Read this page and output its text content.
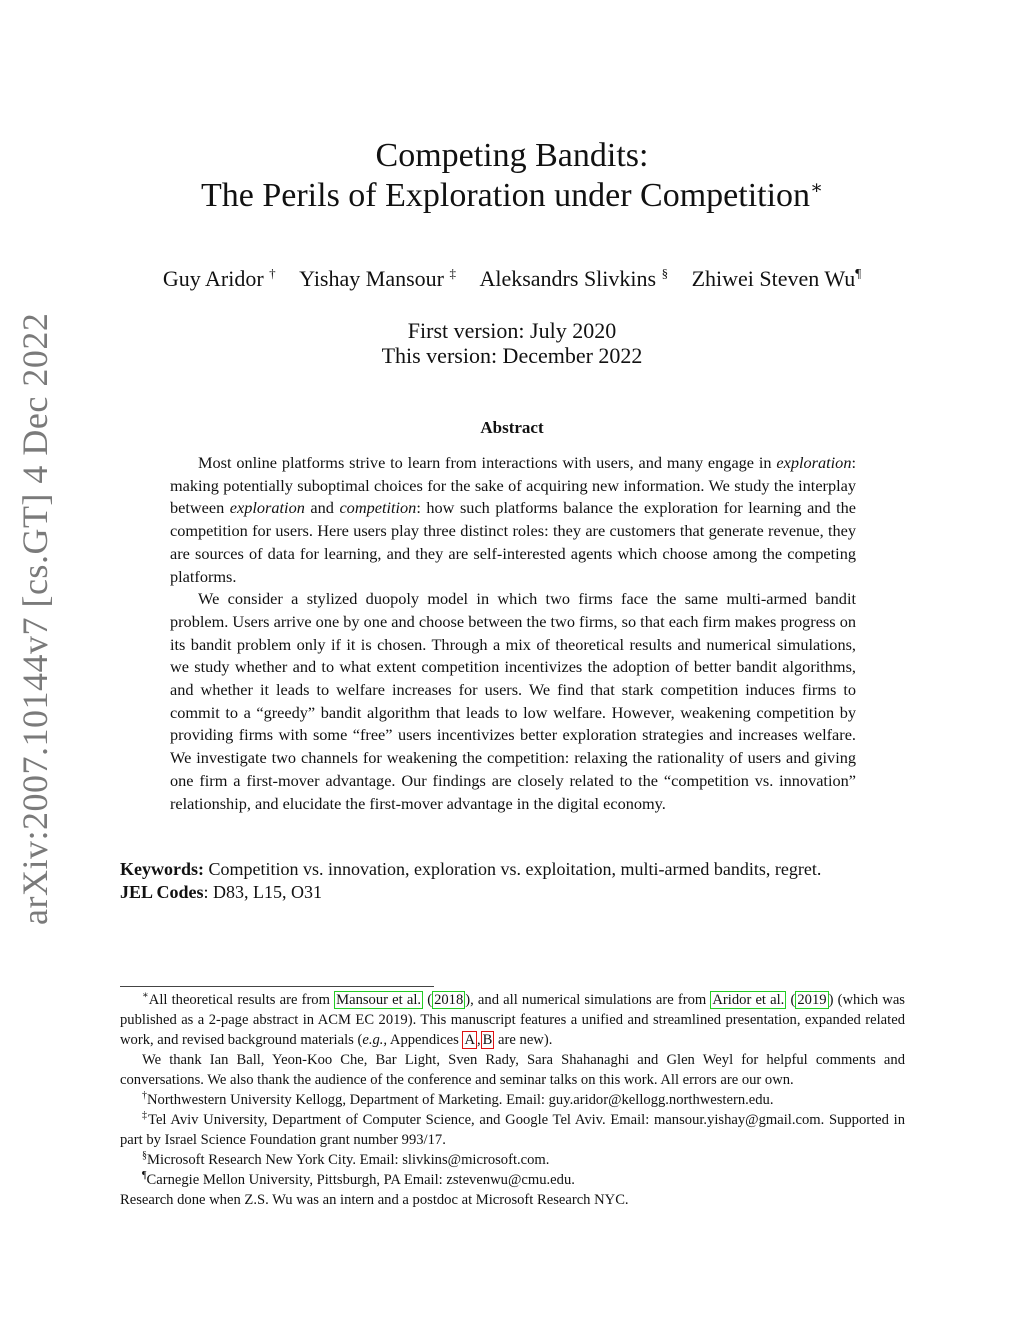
arXiv:2007.10144v7 [cs.GT] 4 Dec 2022
Competing Bandits:
The Perils of Exploration under Competition∗
Guy Aridor † Yishay Mansour ‡ Aleksandrs Slivkins § Zhiwei Steven Wu¶
First version: July 2020
This version: December 2022
Abstract

Most online platforms strive to learn from interactions with users, and many engage in exploration: making potentially suboptimal choices for the sake of acquiring new information. We study the interplay between exploration and competition: how such platforms balance the exploration for learning and the competition for users. Here users play three distinct roles: they are customers that generate revenue, they are sources of data for learning, and they are self-interested agents which choose among the competing platforms.

We consider a stylized duopoly model in which two firms face the same multi-armed bandit problem. Users arrive one by one and choose between the two firms, so that each firm makes progress on its bandit problem only if it is chosen. Through a mix of theoretical results and numerical simulations, we study whether and to what extent competition incentivizes the adoption of better bandit algorithms, and whether it leads to welfare increases for users. We find that stark competition induces firms to commit to a “greedy” bandit algorithm that leads to low welfare. However, weakening competition by providing firms with some “free” users incentivizes better exploration strategies and increases welfare. We investigate two channels for weakening the competition: relaxing the rationality of users and giving one firm a first-mover advantage. Our findings are closely related to the “competition vs. innovation” relationship, and elucidate the first-mover advantage in the digital economy.

Keywords: Competition vs. innovation, exploration vs. exploitation, multi-armed bandits, regret.
JEL Codes: D83, L15, O31

∗All theoretical results are from Mansour et al. ( 2018 ), and all numerical simulations are from Aridor et al. ( 2019 ) (which was published as a 2-page abstract in ACM EC 2019). This manuscript features a unified and streamlined presentation, expanded related work, and revised background materials (e.g., Appendices A , B are new).

We thank Ian Ball, Yeon-Koo Che, Bar Light, Sven Rady, Sara Shahanaghi and Glen Weyl for helpful comments and conversations. We also thank the audience of the conference and seminar talks on this work. All errors are our own.

†Northwestern University Kellogg, Department of Marketing. Email: guy.aridor@kellogg.northwestern.edu.

‡Tel Aviv University, Department of Computer Science, and Google Tel Aviv. Email: mansour.yishay@gmail.com. Supported in part by Israel Science Foundation grant number 993/17.

§Microsoft Research New York City. Email: slivkins@microsoft.com.

¶Carnegie Mellon University, Pittsburgh, PA Email: zstevenwu@cmu.edu.

Research done when Z.S. Wu was an intern and a postdoc at Microsoft Research NYC.
